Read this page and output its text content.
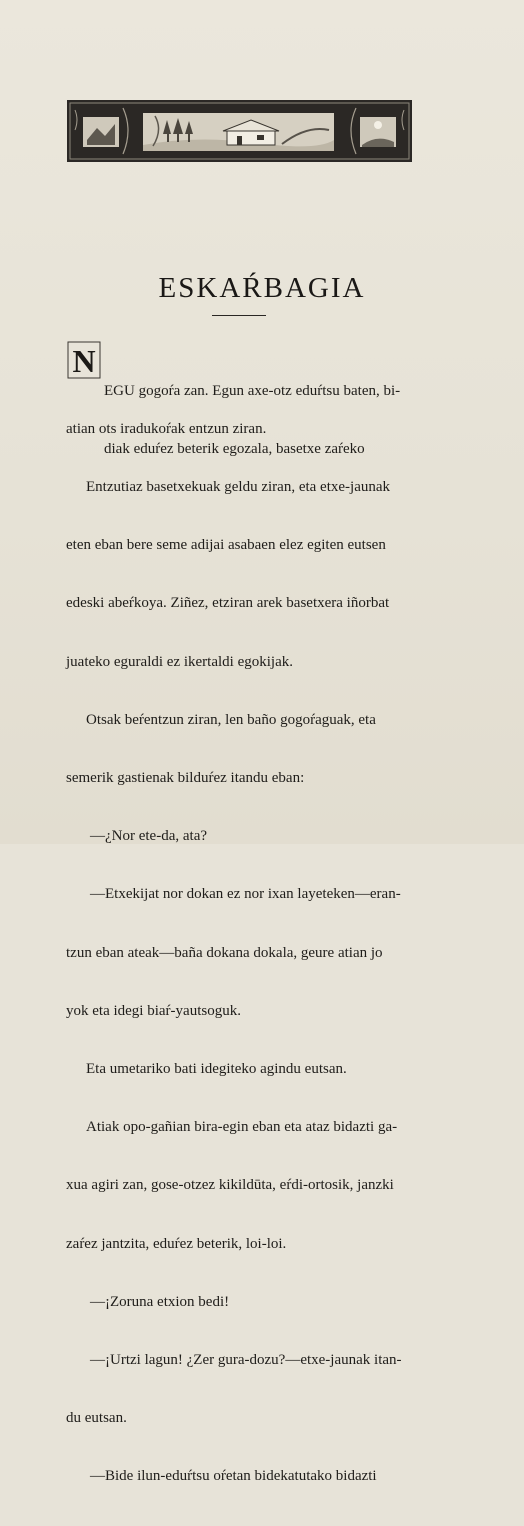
ESKAŔBAGIA
N

EGU gogoŕa zan. Egun axe-otz eduŕtsu baten, bi-

diak eduŕez beterik egozala, basetxe zaŕeko

atian ots iradukoŕak entzun ziran.

Entzutiaz basetxekuak geldu ziran, eta etxe-jaunak

eten eban bere seme adijai asabaen elez egiten eutsen

edeski abeŕkoya. Ziñez, etziran arek basetxera iñorbat

juateko eguraldi ez ikertaldi egokijak.

Otsak beŕentzun ziran, len baño gogoŕaguak, eta

semerik gastienak bilduŕez itandu eban:

—¿Nor ete-da, ata?

—Etxekijat nor dokan ez nor ixan layeteken—eran-

tzun eban ateak—baña dokana dokala, geure atian jo

yok eta idegi biaŕ-yautsoguk.

Eta umetariko bati idegiteko agindu eutsan.

Atiak opo-gañian bira-egin eban eta ataz bidazti ga-

xua agiri zan, gose-otzez kikildūta, eŕdi-ortosik, janzki

zaŕez jantzita, eduŕez beterik, loi-loi.

—¡Zoruna etxion bedi!

—¡Urtzi lagun! ¿Zer gura-dozu?—etxe-jaunak itan-

du eutsan.

—Bide ilun-eduŕtsu oŕetan bidekatutako bidazti
